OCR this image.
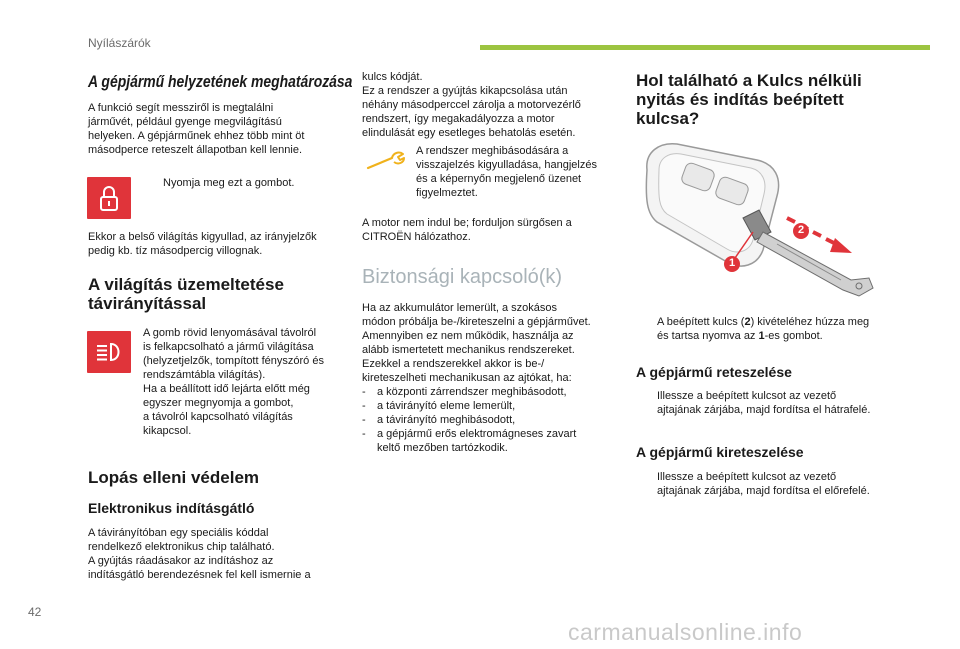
Nyílászárók
A gépjármű helyzetének meghatározása
A funkció segít messziről is megtalálni
járművét, például gyenge megvilágítású
helyeken. A gépjárműnek ehhez több mint öt
másodperce reteszelt állapotban kell lennie.
Nyomja meg ezt a gombot.
Ekkor a belső világítás kigyullad, az irányjelzők
pedig kb. tíz másodpercig villognak.
A világítás üzemeltetése
távirányítással
A gomb rövid lenyomásával távolról
is felkapcsolható a jármű világítása
(helyzetjelzők, tompított fényszóró és
rendszámtábla világítás).
Ha a beállított idő lejárta előtt még
egyszer megnyomja a gombot,
a távolról kapcsolható világítás
kikapcsol.
Lopás elleni védelem
Elektronikus indításgátló
A távirányítóban egy speciális kóddal
rendelkező elektronikus chip található.
A gyújtás ráadásakor az indításhoz az
indításgátló berendezésnek fel kell ismernie a
kulcs kódját.
Ez a rendszer a gyújtás kikapcsolása után
néhány másodperccel zárolja a motorvezérlő
rendszert, így megakadályozza a motor
elindulását egy esetleges behatolás esetén.
A rendszer meghibásodására a
visszajelzés kigyulladása, hangjelzés
és a képernyőn megjelenő üzenet
figyelmeztet.
A motor nem indul be; forduljon sürgősen a
CITROËN hálózathoz.
Biztonsági kapcsoló(k)
Ha az akkumulátor lemerült, a szokásos
módon próbálja be-/kireteszelni a gépjárművet.
Amennyiben ez nem működik, használja az
alább ismertetett mechanikus rendszereket.
Ezekkel a rendszerekkel akkor is be-/
kireteszelheti mechanikusan az ajtókat, ha:
-	a központi zárrendszer meghibásodott,
-	a távirányító eleme lemerült,
-	a távirányító meghibásodott,
-	a gépjármű erős elektromágneses zavart
keltő mezőben tartózkodik.
Hol található a Kulcs nélküli
nyitás és indítás beépített
kulcsa?
2
1
A beépített kulcs (2) kivételéhez húzza meg
és tartsa nyomva az 1-es gombot.
A gépjármű reteszelése
Illessze a beépített kulcsot az vezető
ajtajának zárjába, majd fordítsa el hátrafelé.
A gépjármű kireteszelése
Illessze a beépített kulcsot az vezető
ajtajának zárjába, majd fordítsa el előrefelé.
42
carmanualsonline.info
